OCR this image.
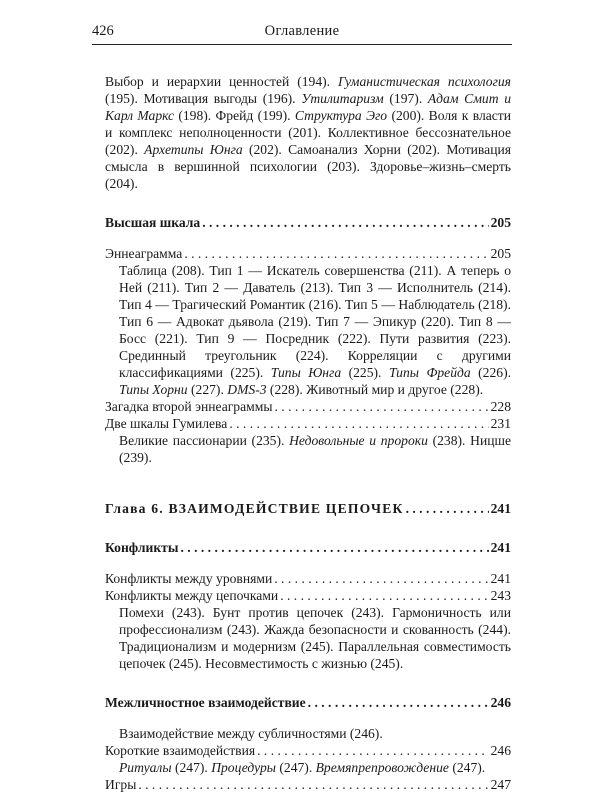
426	Оглавление

Выбор и иерархии ценностей (194). Гуманистическая психология (195). Мотивация выгоды (196). Утилитаризм (197). Адам Смит и Карл Маркс (198). Фрейд (199). Структура Эго (200). Воля к власти и комплекс неполноценности (201). Коллективное бессознательное (202). Архетипы Юнга (202). Самоанализ Хорни (202). Мотивация смысла в вершинной психологии (203). Здоровье–жизнь–смерть (204).

Высшая шкала . . .	205
Эннеаграмма . . .	205

Таблица (208). Тип 1 — Искатель совершенства (211). А теперь о Ней (211). Тип 2 — Даватель (213). Тип 3 — Исполнитель (214). Тип 4 — Трагический Романтик (216). Тип 5 — Наблюдатель (218). Тип 6 — Адвокат дьявола (219). Тип 7 — Эпикур (220). Тип 8 — Босс (221). Тип 9 — Посредник (222). Пути развития (223). Срединный треугольник (224). Корреляции с другими классификациями (225). Типы Юнга (225). Типы Фрейда (226). Типы Хорни (227). DMS-3 (228). Животный мир и другое (228).

Загадка второй эннеаграммы . . .	228
Две шкалы Гумилева . . .	231

Великие пассионарии (235). Недовольные и пророки (238). Ницше (239).

Глава 6. ВЗАИМОДЕЙСТВИЕ ЦЕПОЧЕК . . .	241
Конфликты . . .	241
Конфликты между уровнями . . .	241
Конфликты между цепочками . . .	243

Помехи (243). Бунт против цепочек (243). Гармоничность или профессионализм (243). Жажда безопасности и скованность (244). Традиционализм и модернизм (245). Параллельная совместимость цепочек (245). Несовместимость с жизнью (245).

Межличностное взаимодействие . . .	246

Взаимодействие между субличностями (246).

Короткие взаимодействия . . .	246

Ритуалы (247). Процедуры (247). Времяпрепровождение (247).

Игры . . .	247
